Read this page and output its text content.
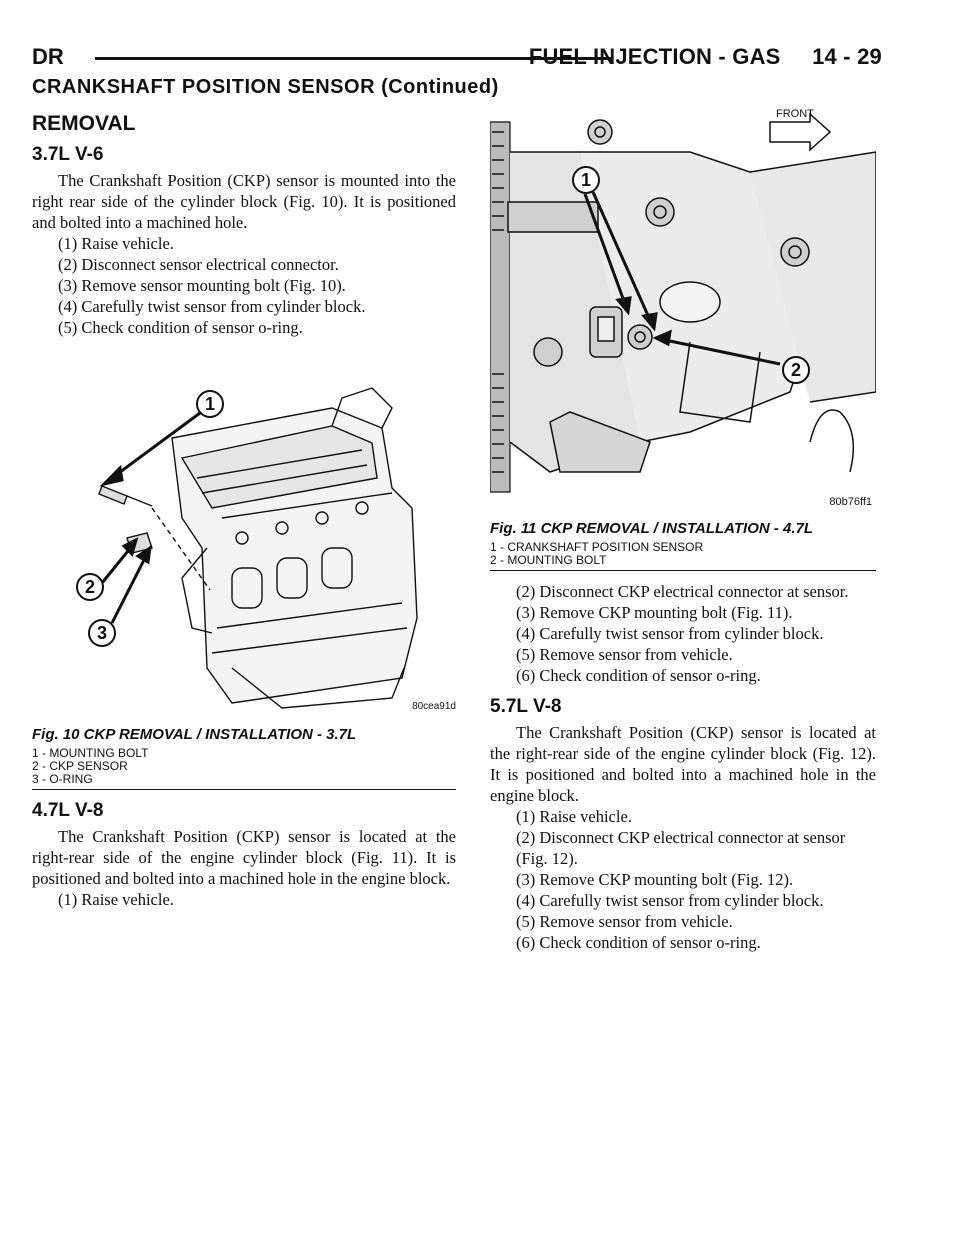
DR	FUEL INJECTION - GAS     14 - 29
CRANKSHAFT POSITION SENSOR (Continued)
REMOVAL
3.7L V-6

The Crankshaft Position (CKP) sensor is mounted into the right rear side of the cylinder block (Fig. 10). It is positioned and bolted into a machined hole.

(1) Raise vehicle.

(2) Disconnect sensor electrical connector.

(3) Remove sensor mounting bolt (Fig. 10).

(4) Carefully twist sensor from cylinder block.

(5) Check condition of sensor o-ring.

1
2
3
80cea91d
Fig. 10 CKP REMOVAL / INSTALLATION - 3.7L
1 - MOUNTING BOLT
2 - CKP SENSOR
3 - O-RING
4.7L V-8

The Crankshaft Position (CKP) sensor is located at the right-rear side of the engine cylinder block (Fig. 11). It is positioned and bolted into a machined hole in the engine block.

(1) Raise vehicle.

1
2
FRONT
80b76ff1
Fig. 11 CKP REMOVAL / INSTALLATION - 4.7L
1 - CRANKSHAFT POSITION SENSOR
2 - MOUNTING BOLT

(2) Disconnect CKP electrical connector at sensor.

(3) Remove CKP mounting bolt (Fig. 11).

(4) Carefully twist sensor from cylinder block.

(5) Remove sensor from vehicle.

(6) Check condition of sensor o-ring.

5.7L V-8

The Crankshaft Position (CKP) sensor is located at the right-rear side of the engine cylinder block (Fig. 12). It is positioned and bolted into a machined hole in the engine block.

(1) Raise vehicle.

(2) Disconnect CKP electrical connector at sensor (Fig. 12).

(3) Remove CKP mounting bolt (Fig. 12).

(4) Carefully twist sensor from cylinder block.

(5) Remove sensor from vehicle.

(6) Check condition of sensor o-ring.
